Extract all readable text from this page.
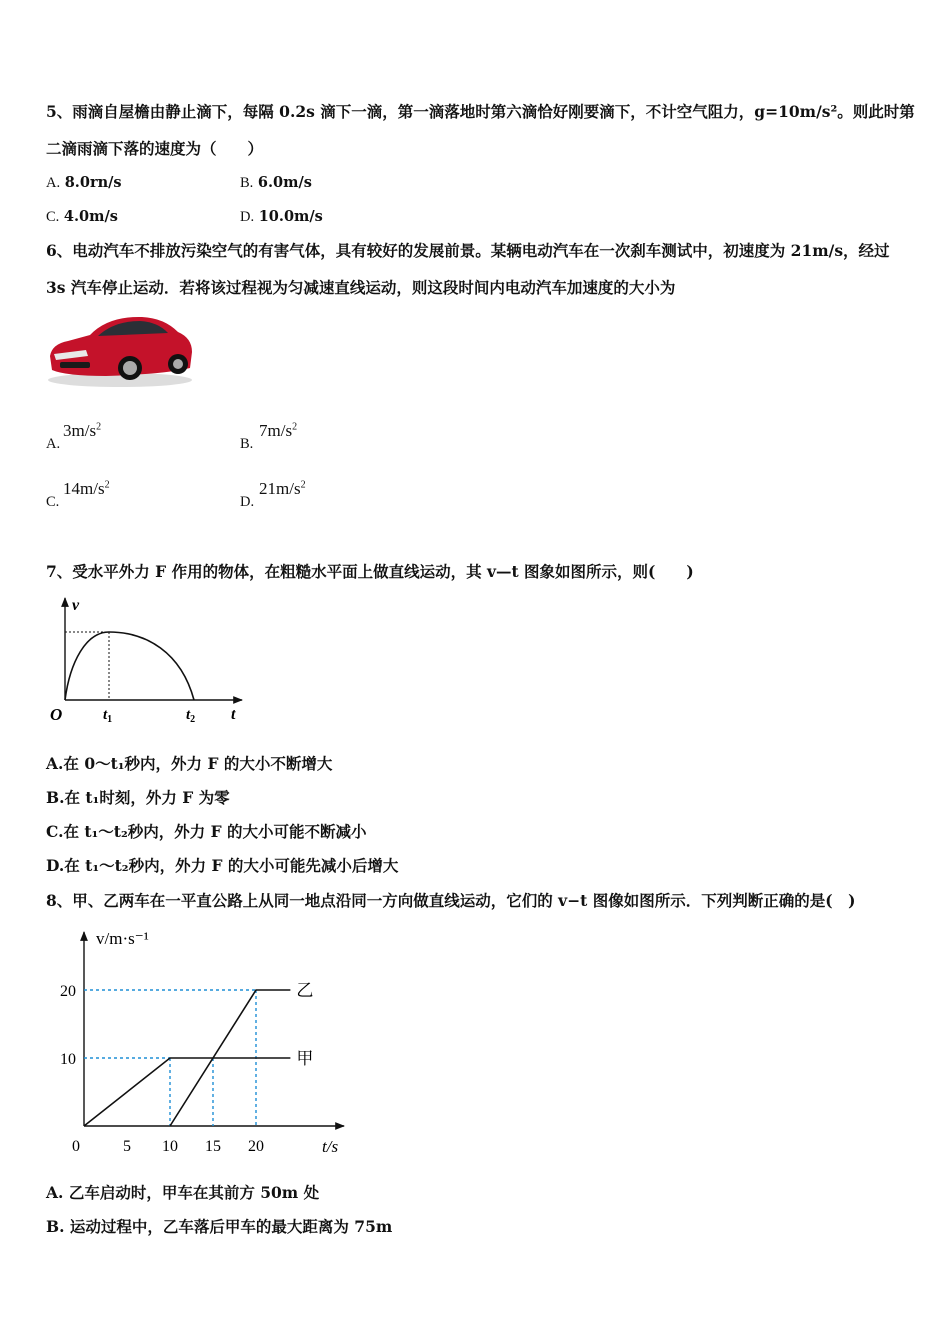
5、雨滴自屋檐由静止滴下，每隔 0.2s 滴下一滴，第一滴落地时第六滴恰好刚要滴下，不计空气阻力，g=10m/s²。则此时第
二滴雨滴下落的速度为（　　）
A. 8.0rn/s	B. 6.0m/s
C. 4.0m/s	D. 10.0m/s
6、电动汽车不排放污染空气的有害气体，具有较好的发展前景。某辆电动汽车在一次刹车测试中，初速度为 21m/s，经过
3s 汽车停止运动．若将该过程视为匀减速直线运动，则这段时间内电动汽车加速度的大小为
A.
$3m/s^2$
B.
$7m/s^2$
C.
$14m/s^2$
D.
$21m/s^2$
7、受水平外力 F 作用的物体，在粗糙水平面上做直线运动，其 v—t 图象如图所示，则(　　)
v
O	$t_1$	$t_2$ t
A.在 0～t₁秒内，外力 F 的大小不断增大
B.在 t₁时刻，外力 F 为零
C.在 t₁～t₂秒内，外力 F 的大小可能不断减小
D.在 t₁～t₂秒内，外力 F 的大小可能先减小后增大
8、甲、乙两车在一平直公路上从同一地点沿同一方向做直线运动，它们的 v−t 图像如图所示．下列判断正确的是(　)
v/m·s⁻¹
t/s
0	5 10 15 20
10
20
甲
乙
A. 乙车启动时，甲车在其前方 50m 处
B. 运动过程中，乙车落后甲车的最大距离为 75m
